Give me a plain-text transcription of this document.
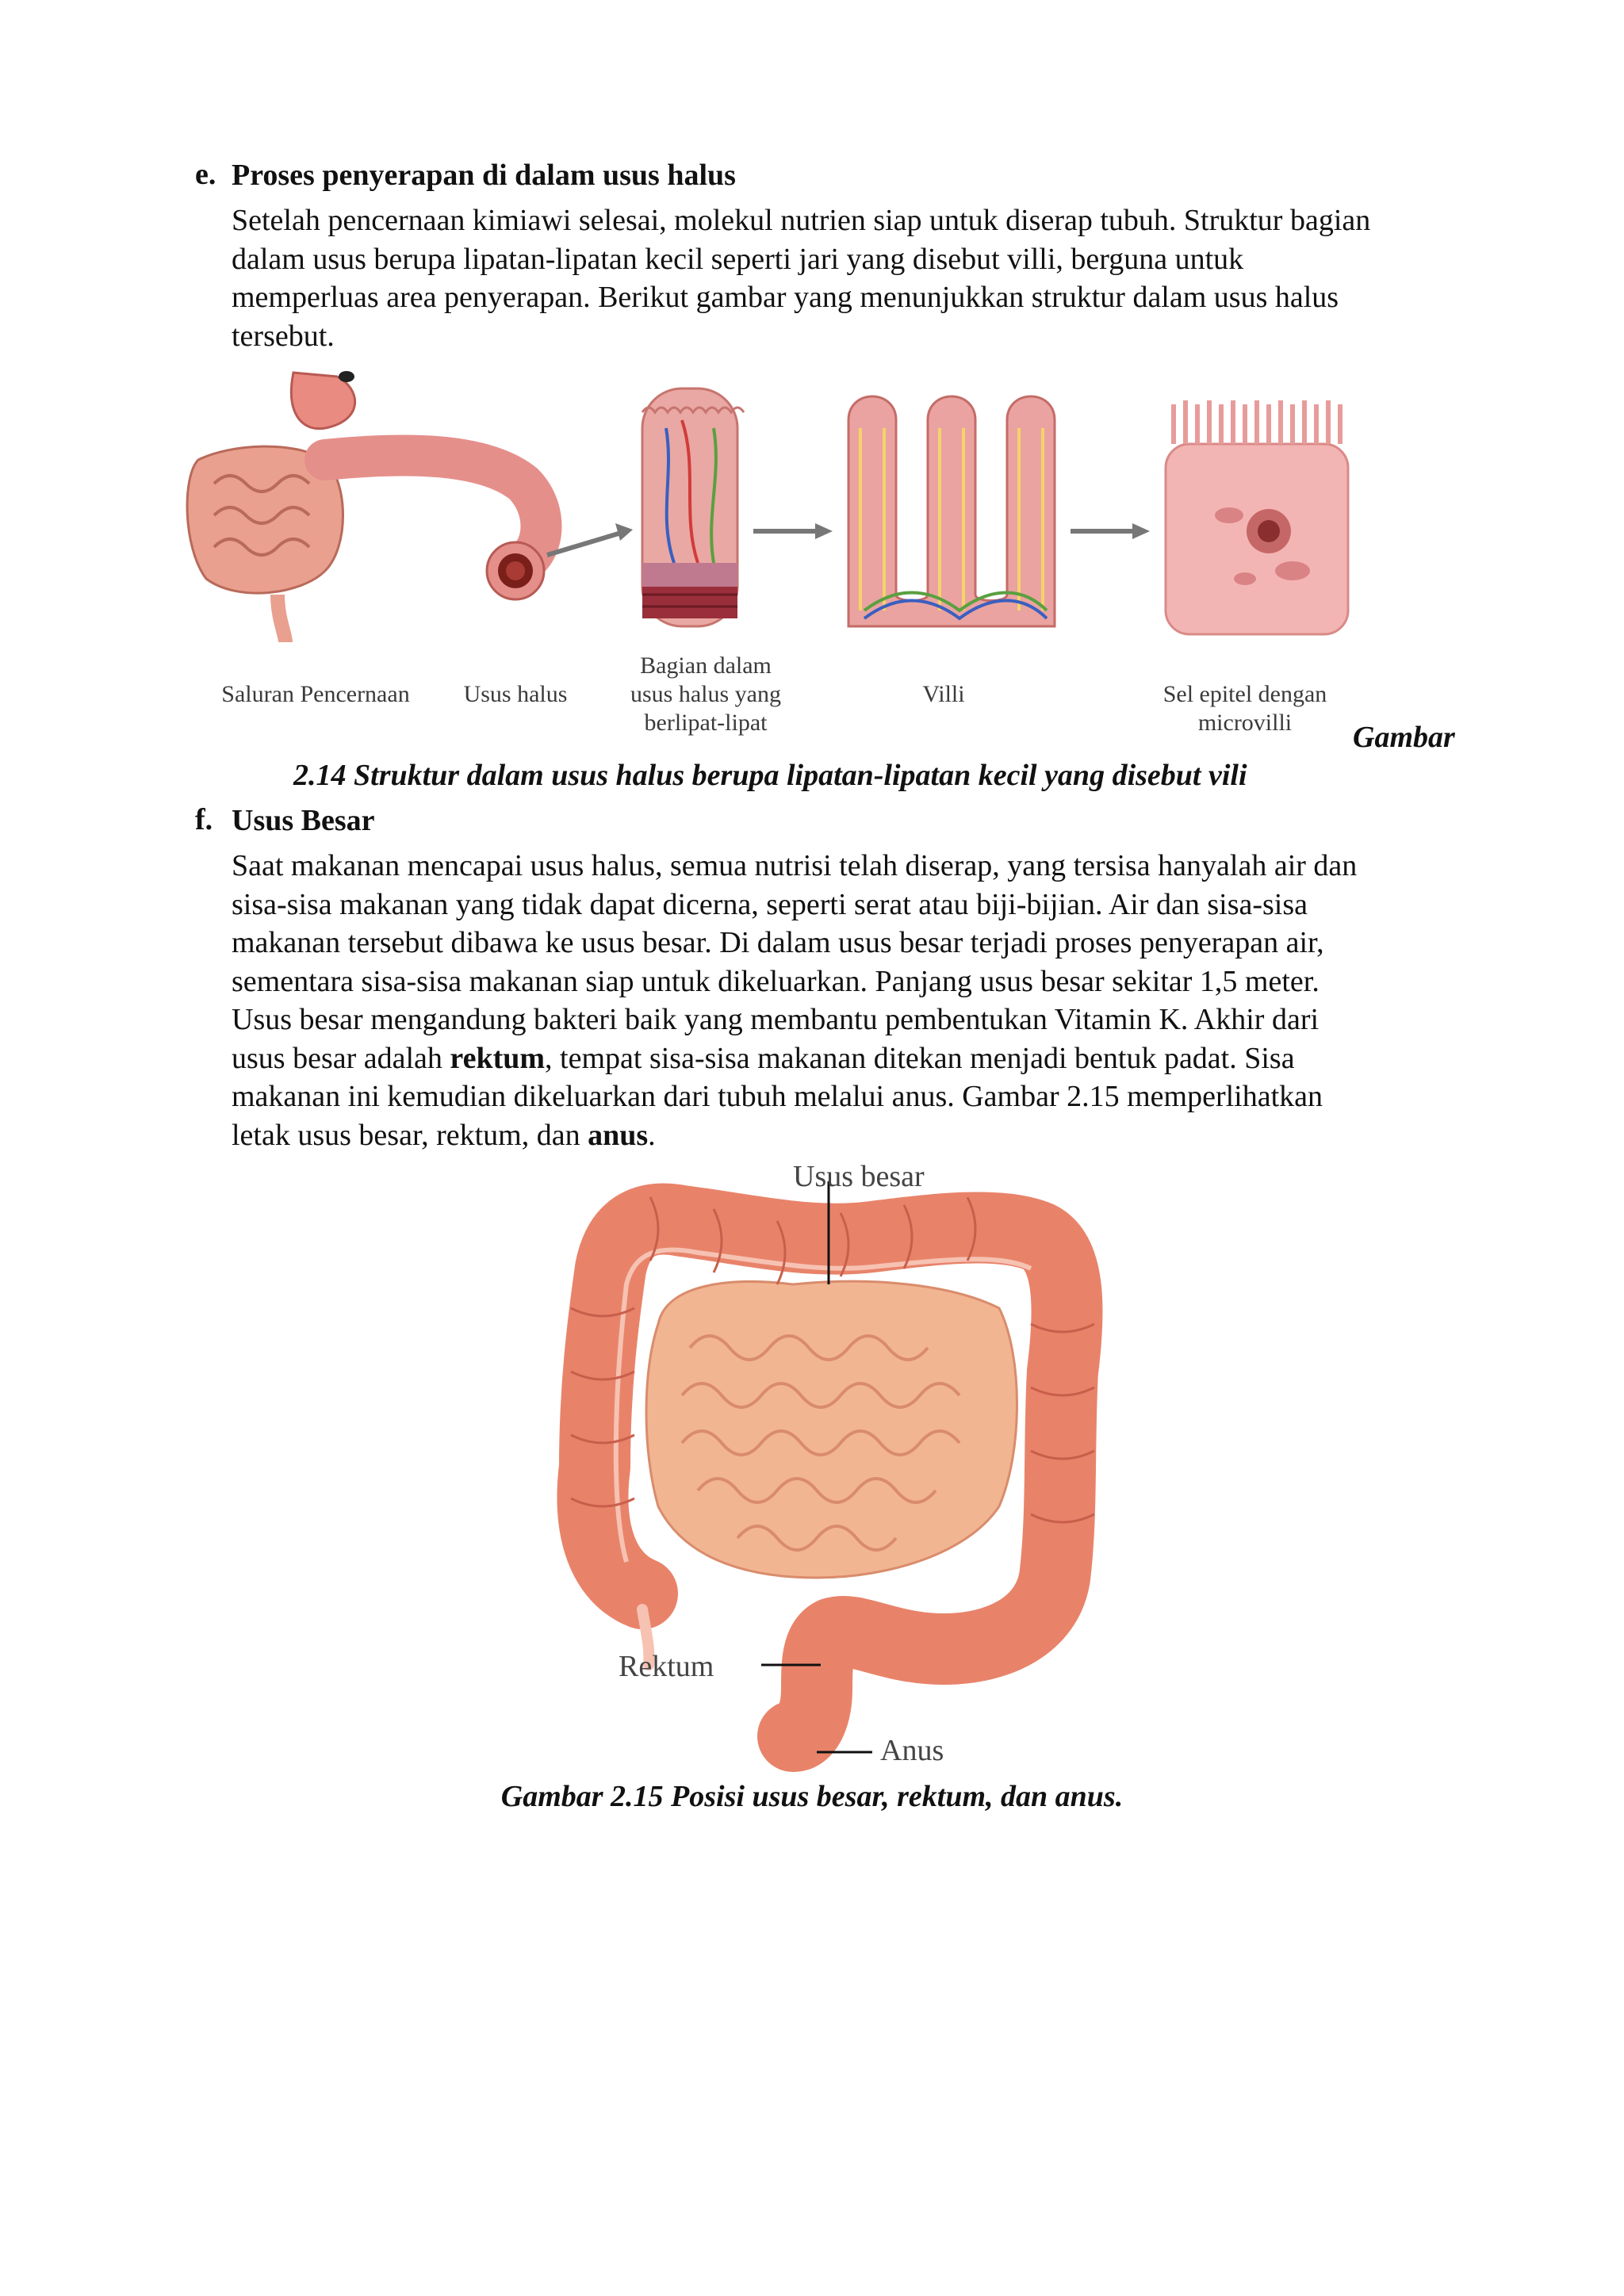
e. Proses penyerapan di dalam usus halus
Setelah pencernaan kimiawi selesai, molekul nutrien siap untuk diserap tubuh. Struktur bagian
dalam usus berupa lipatan-lipatan kecil seperti jari yang disebut villi, berguna untuk
memperluas area penyerapan. Berikut gambar yang menunjukkan struktur dalam usus halus
tersebut.
Saluran Pencernaan	Usus halus
Bagian dalam
usus halus yang
berlipat-lipat
Villi	Sel epitel dengan
microvilli	Gambar
2.14 Struktur dalam usus halus berupa lipatan-lipatan kecil yang disebut vili
f. Usus Besar
Saat makanan mencapai usus halus, semua nutrisi telah diserap, yang tersisa hanyalah air dan
sisa-sisa makanan yang tidak dapat dicerna, seperti serat atau biji-bijian. Air dan sisa-sisa
makanan tersebut dibawa ke usus besar. Di dalam usus besar terjadi proses penyerapan air,
sementara sisa-sisa makanan siap untuk dikeluarkan. Panjang usus besar sekitar 1,5 meter.
Usus besar mengandung bakteri baik yang membantu pembentukan Vitamin K. Akhir dari
usus besar adalah rektum, tempat sisa-sisa makanan ditekan menjadi bentuk padat. Sisa
makanan ini kemudian dikeluarkan dari tubuh melalui anus. Gambar 2.15 memperlihatkan
letak usus besar, rektum, dan anus.
Usus besar
Rektum
Anus
Gambar 2.15 Posisi usus besar, rektum, dan anus.
